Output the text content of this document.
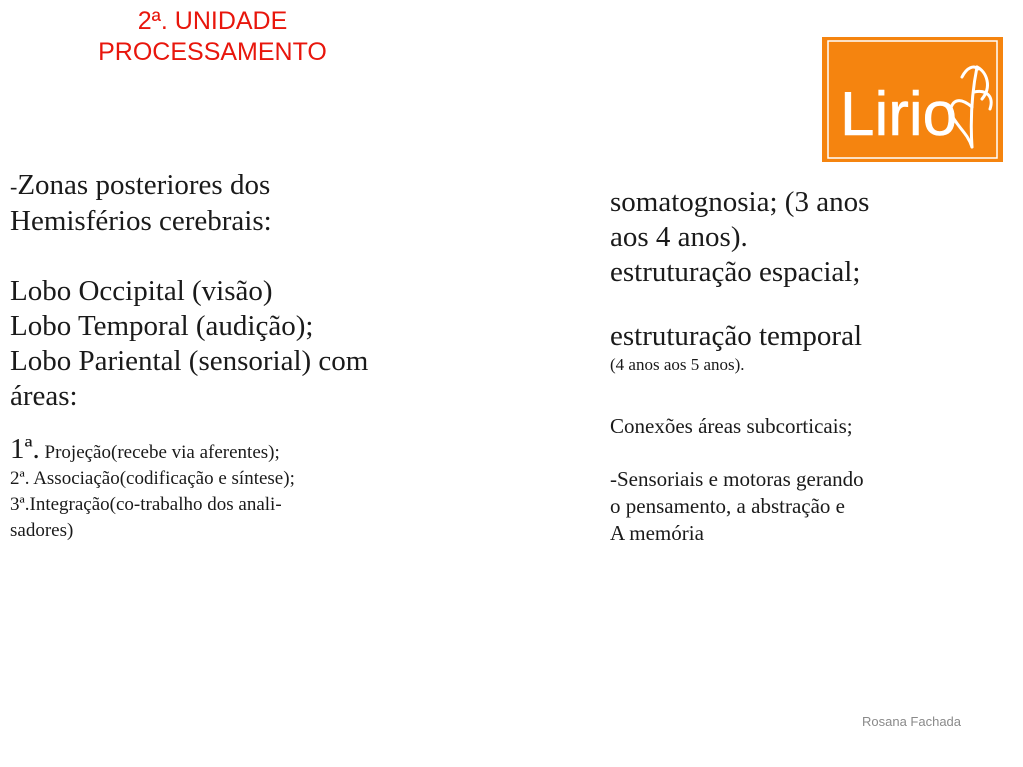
2ª. UNIDADE
PROCESSAMENTO
Lirio
-Zonas posteriores dos
Hemisférios cerebrais:
Lobo Occipital (visão)
Lobo Temporal (audição);
Lobo Pariental (sensorial) com
áreas:
1ª. Projeção(recebe via aferentes);
2ª. Associação(codificação e síntese);
3ª.Integração(co-trabalho dos anali-
sadores)
somatognosia; (3 anos
aos 4 anos).
estruturação espacial;
estruturação temporal
(4 anos aos 5 anos).
Conexões áreas subcorticais;
-Sensoriais e motoras gerando
o pensamento, a abstração e
A memória
Rosana Fachada
